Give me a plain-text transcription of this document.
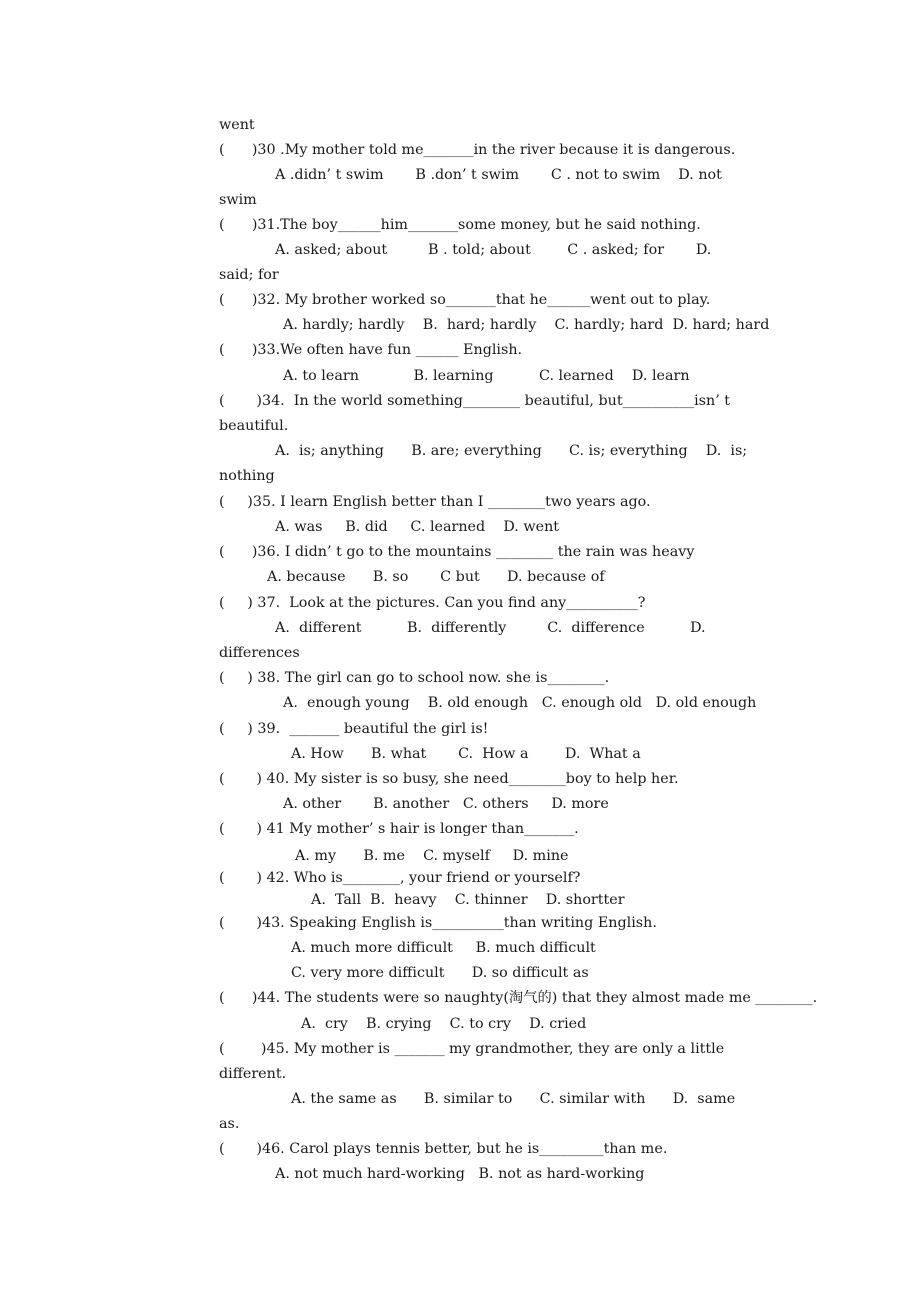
went
(      )30 .My mother told me_______in the river because it is dangerous.
A .didn’ t swim       B .don’ t swim       C . not to swim    D. not
swim
(      )31.The boy______him_______some money, but he said nothing.
A. asked; about         B . told; about        C . asked; for       D.
said; for
(      )32. My brother worked so_______that he______went out to play.
A. hardly; hardly    B.  hard; hardly    C. hardly; hard  D. hard; hard
(      )33.We often have fun ______ English.
A. to learn            B. learning          C. learned    D. learn
(       )34.  In the world something________ beautiful, but__________isn’ t
beautiful.
A.  is; anything      B. are; everything      C. is; everything    D.  is;
nothing
(     )35. I learn English better than I ________two years ago.
A. was     B. did     C. learned    D. went
(      )36. I didn’ t go to the mountains ________ the rain was heavy
A. because      B. so       C but      D. because of
(     ) 37.  Look at the pictures. Can you find any__________?
A.  different          B.  differently         C.  difference          D.
differences
(     ) 38. The girl can go to school now. she is________.
A.  enough young    B. old enough   C. enough old   D. old enough
(     ) 39.  _______ beautiful the girl is!
A. How      B. what       C.  How a        D.  What a
(       ) 40. My sister is so busy, she need________boy to help her.
A. other       B. another   C. others     D. more
(       ) 41 My mother’ s hair is longer than_______.
A. my      B. me    C. myself     D. mine
(       ) 42. Who is________, your friend or yourself?
A.  Tall  B.  heavy    C. thinner    D. shortter
(       )43. Speaking English is__________than writing English.
A. much more difficult     B. much difficult
C. very more difficult      D. so difficult as
(      )44. The students were so naughty(淘气的) that they almost made me ________.
A.  cry    B. crying    C. to cry    D. cried
(        )45. My mother is _______ my grandmother, they are only a little
different.
A. the same as      B. similar to      C. similar with      D.  same
as.
(       )46. Carol plays tennis better, but he is_________than me.
A. not much hard-working   B. not as hard-working
